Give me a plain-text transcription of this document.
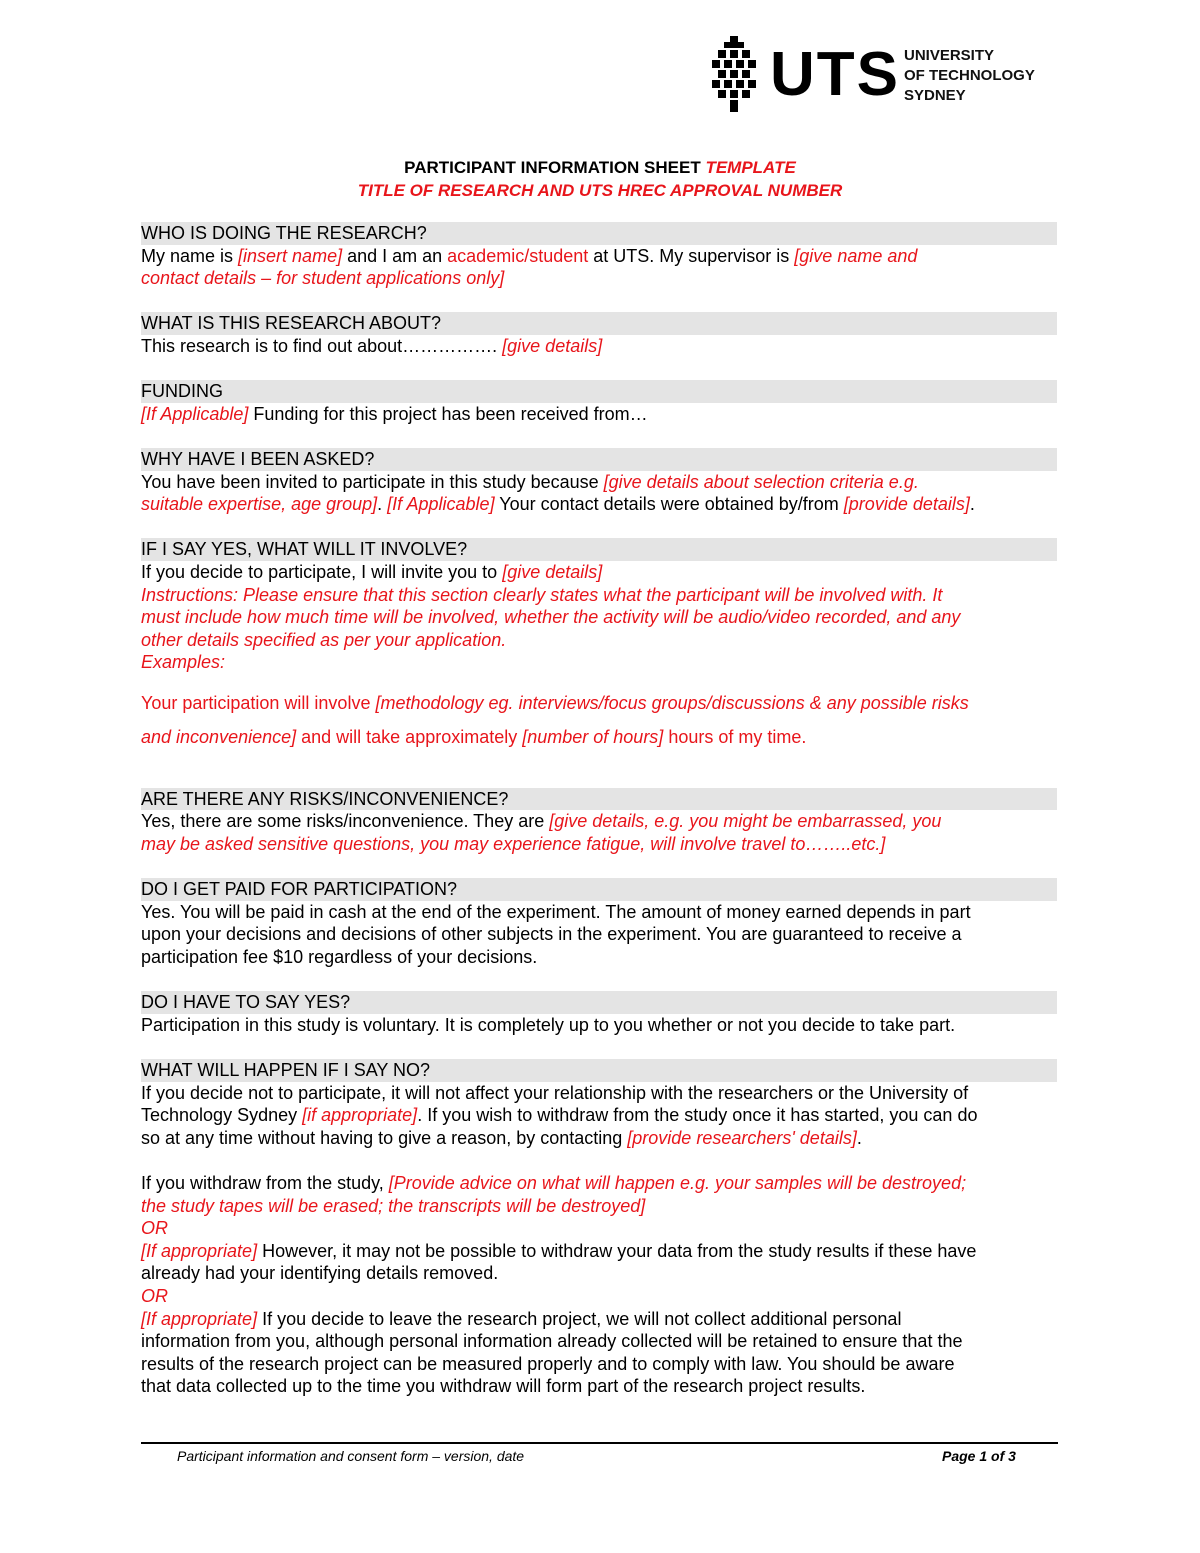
UTS UNIVERSITY
OF TECHNOLOGY
SYDNEY
PARTICIPANT INFORMATION SHEET TEMPLATE
TITLE OF RESEARCH AND UTS HREC APPROVAL NUMBER
WHO IS DOING THE RESEARCH?
My name is [insert name] and I am an academic/student at UTS. My supervisor is [give name and
contact details – for student applications only]
WHAT IS THIS RESEARCH ABOUT?
This research is to find out about……………. [give details]
FUNDING
[If Applicable] Funding for this project has been received from…
WHY HAVE I BEEN ASKED?
You have been invited to participate in this study because [give details about selection criteria e.g.
suitable expertise, age group]. [If Applicable] Your contact details were obtained by/from [provide details].
IF I SAY YES, WHAT WILL IT INVOLVE?
If you decide to participate, I will invite you to [give details]
Instructions: Please ensure that this section clearly states what the participant will be involved with. It
must include how much time will be involved, whether the activity will be audio/video recorded, and any
other details specified as per your application.
Examples:
Your participation will involve [methodology eg. interviews/focus groups/discussions & any possible risks
and inconvenience] and will take approximately [number of hours] hours of my time.
ARE THERE ANY RISKS/INCONVENIENCE?
Yes, there are some risks/inconvenience. They are [give details, e.g. you might be embarrassed, you
may be asked sensitive questions, you may experience fatigue, will involve travel to……..etc.]
DO I GET PAID FOR PARTICIPATION?
Yes. You will be paid in cash at the end of the experiment. The amount of money earned depends in part
upon your decisions and decisions of other subjects in the experiment. You are guaranteed to receive a
participation fee $10 regardless of your decisions.
DO I HAVE TO SAY YES?
Participation in this study is voluntary. It is completely up to you whether or not you decide to take part.
WHAT WILL HAPPEN IF I SAY NO?
If you decide not to participate, it will not affect your relationship with the researchers or the University of
Technology Sydney [if appropriate]. If you wish to withdraw from the study once it has started, you can do
so at any time without having to give a reason, by contacting [provide researchers' details].
If you withdraw from the study, [Provide advice on what will happen e.g. your samples will be destroyed;
the study tapes will be erased; the transcripts will be destroyed]
OR
[If appropriate] However, it may not be possible to withdraw your data from the study results if these have
already had your identifying details removed.
OR
[If appropriate] If you decide to leave the research project, we will not collect additional personal
information from you, although personal information already collected will be retained to ensure that the
results of the research project can be measured properly and to comply with law. You should be aware
that data collected up to the time you withdraw will form part of the research project results.
Participant information and consent form – version, date	Page 1 of 3
